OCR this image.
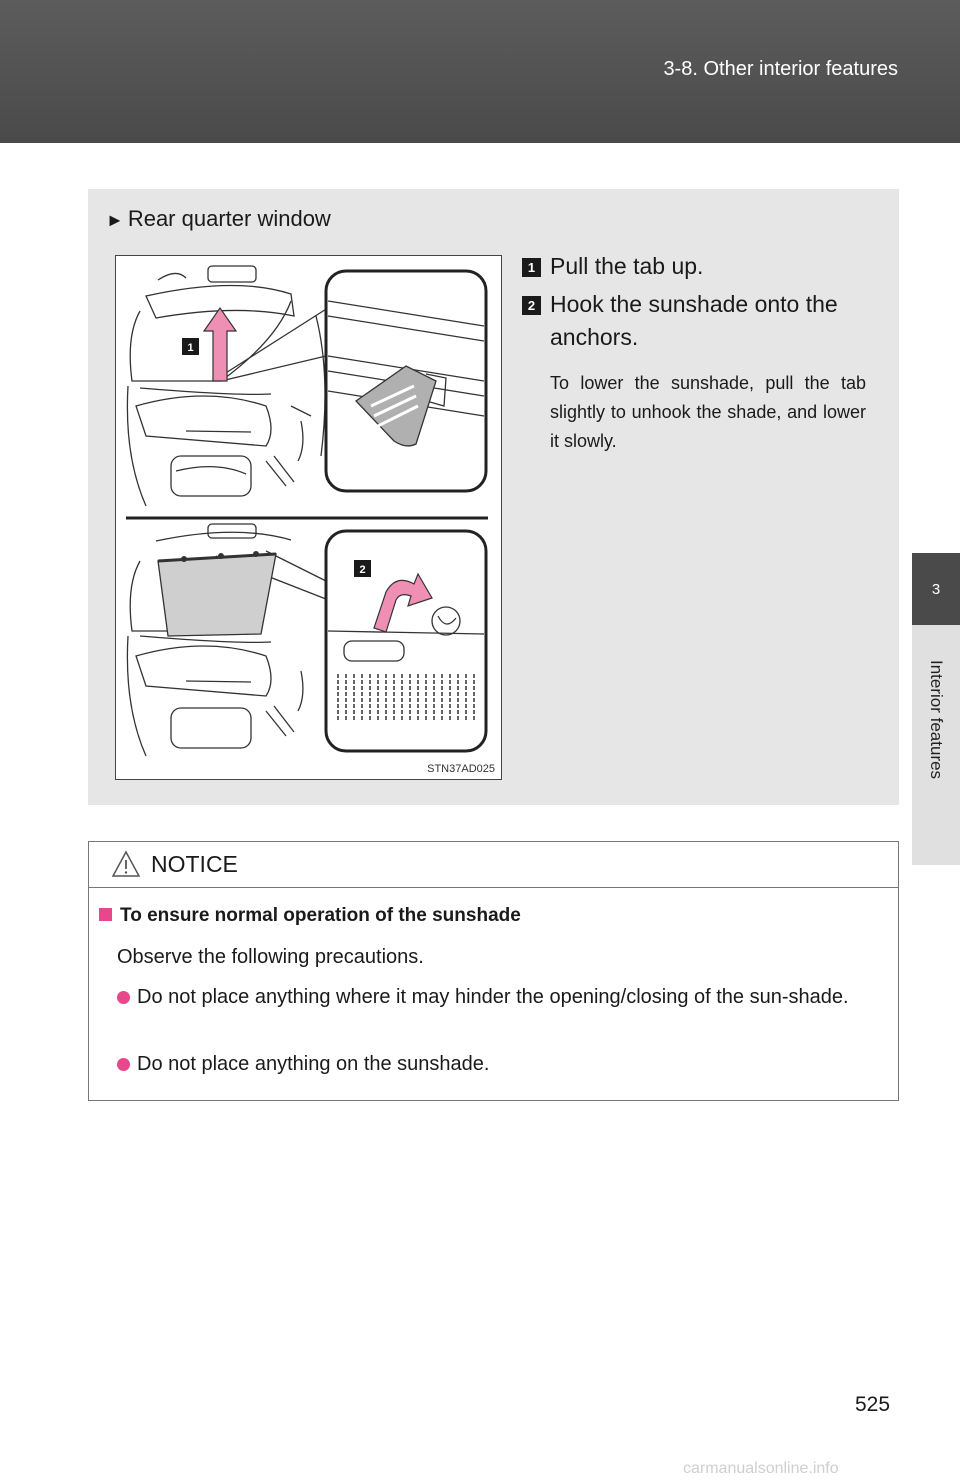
3-8. Other interior features
3
Interior features
► Rear quarter window
1
2
STN37AD025
1 Pull the tab up.
2 Hook the sunshade onto the anchors.
To lower the sunshade, pull the tab slightly to unhook the shade, and lower it slowly.
NOTICE
To ensure normal operation of the sunshade
Observe the following precautions.
Do not place anything where it may hinder the opening/closing of the sun-shade.
Do not place anything on the sunshade.
525
carmanualsonline.info
